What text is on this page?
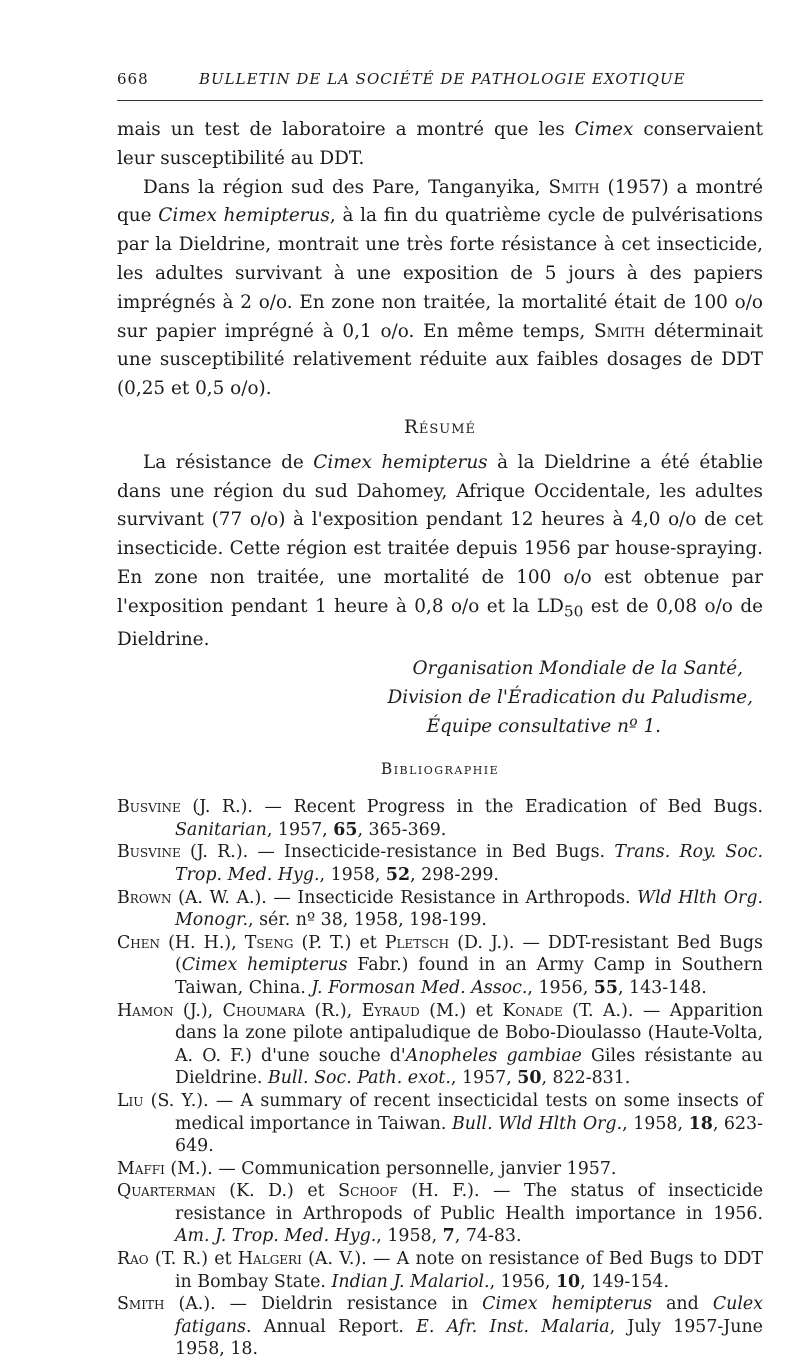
668	BULLETIN DE LA SOCIÉTÉ DE PATHOLOGIE EXOTIQUE

mais un test de laboratoire a montré que les Cimex conservaient leur susceptibilité au DDT.

Dans la région sud des Pare, Tanganyika, Smith (1957) a montré que Cimex hemipterus, à la fin du quatrième cycle de pulvérisations par la Dieldrine, montrait une très forte résistance à cet insecticide, les adultes survivant à une exposition de 5 jours à des papiers imprégnés à 2 o/o. En zone non traitée, la mortalité était de 100 o/o sur papier imprégné à 0,1 o/o. En même temps, Smith déterminait une susceptibilité relativement réduite aux faibles dosages de DDT (0,25 et 0,5 o/o).

Résumé

La résistance de Cimex hemipterus à la Dieldrine a été établie dans une région du sud Dahomey, Afrique Occidentale, les adultes survivant (77 o/o) à l'exposition pendant 12 heures à 4,0 o/o de cet insecticide. Cette région est traitée depuis 1956 par house-spraying. En zone non traitée, une mortalité de 100 o/o est obtenue par l'exposition pendant 1 heure à 0,8 o/o et la $LD_{50}$ est de 0,08 o/o de Dieldrine.

Organisation Mondiale de la Santé,
Division de l'Éradication du Paludisme,
Équipe consultative nº 1.
Bibliographie

Busvine (J. R.). — Recent Progress in the Eradication of Bed Bugs. Sanitarian, 1957, 65, 365-369.

Busvine (J. R.). — Insecticide-resistance in Bed Bugs. Trans. Roy. Soc. Trop. Med. Hyg., 1958, 52, 298-299.

Brown (A. W. A.). — Insecticide Resistance in Arthropods. Wld Hlth Org. Monogr., sér. nº 38, 1958, 198-199.

Chen (H. H.), Tseng (P. T.) et Pletsch (D. J.). — DDT-resistant Bed Bugs (Cimex hemipterus Fabr.) found in an Army Camp in Southern Taiwan, China. J. Formosan Med. Assoc., 1956, 55, 143-148.

Hamon (J.), Choumara (R.), Eyraud (M.) et Konade (T. A.). — Apparition dans la zone pilote antipaludique de Bobo-Dioulasso (Haute-Volta, A. O. F.) d'une souche d'Anopheles gambiae Giles résistante au Dieldrine. Bull. Soc. Path. exot., 1957, 50, 822-831.

Liu (S. Y.). — A summary of recent insecticidal tests on some insects of medical importance in Taiwan. Bull. Wld Hlth Org., 1958, 18, 623-649.

Maffi (M.). — Communication personnelle, janvier 1957.

Quarterman (K. D.) et Schoof (H. F.). — The status of insecticide resistance in Arthropods of Public Health importance in 1956. Am. J. Trop. Med. Hyg., 1958, 7, 74-83.

Rao (T. R.) et Halgeri (A. V.). — A note on resistance of Bed Bugs to DDT in Bombay State. Indian J. Malariol., 1956, 10, 149-154.

Smith (A.). — Dieldrin resistance in Cimex hemipterus and Culex fatigans. Annual Report. E. Afr. Inst. Malaria, July 1957-June 1958, 18.
